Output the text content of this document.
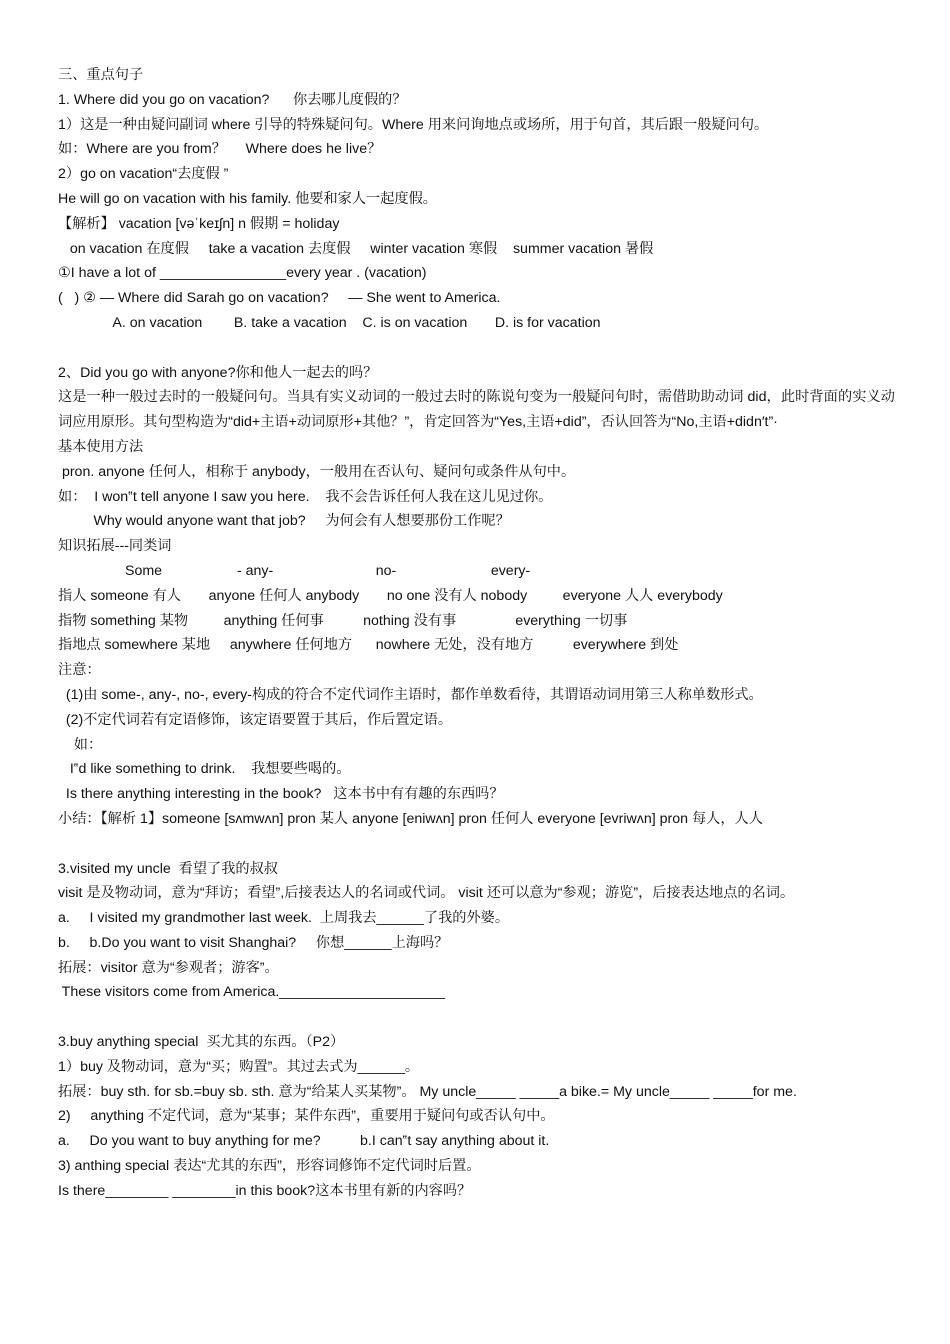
三、重点句子
1. Where did you go on vacation?      你去哪儿度假的？
1）这是一种由疑问副词 where 引导的特殊疑问句。Where 用来问询地点或场所，用于句首，其后跟一般疑问句。
如：Where are you from？     Where does he live？
2）go on vacation“去度假 ”
He will go on vacation with his family. 他要和家人一起度假。
【解析】 vacation [vəˈkeɪʃn] n 假期 = holiday
on vacation 在度假     take a vacation 去度假     winter vacation 寒假    summer vacation 暑假
①I have a lot of ________________every year . (vacation)
(   ) ② — Where did Sarah go on vacation?     — She went to America.
A. on vacation        B. take a vacation    C. is on vacation       D. is for vacation
2、Did you go with anyone?你和他人一起去的吗？
这是一种一般过去时的一般疑问句。当具有实义动词的一般过去时的陈说句变为一般疑问句时，需借助助动词 did，此时背面的实义动词应用原形。其句型构造为“did+主语+动词原形+其他？”，肯定回答为“Yes,主语+did”，否认回答为“No,主语+didn′t”·
基本使用方法
pron. anyone 任何人，相称于 anybody，一般用在否认句、疑问句或条件从句中。
如：  I won‟t tell anyone I saw you here.    我不会告诉任何人我在这儿见过你。
Why would anyone want that job?     为何会有人想要那份工作呢？
知识拓展---同类词
Some                   - any-                          no-                        every-
指人 someone 有人       anyone 任何人 anybody       no one 没有人 nobody         everyone 人人 everybody
指物 something 某物         anything 任何事          nothing 没有事               everything 一切事
指地点 somewhere 某地     anywhere 任何地方      nowhere 无处，没有地方          everywhere 到处
注意：
(1)由 some-, any-, no-, every-构成的符合不定代词作主语时，都作单数看待，其谓语动词用第三人称单数形式。
(2)不定代词若有定语修饰，该定语要置于其后，作后置定语。
如：
I‟d like something to drink.    我想要些喝的。
Is there anything interesting in the book?   这本书中有有趣的东西吗？
小结：【解析 1】someone [sʌmwʌn] pron 某人 anyone [eniwʌn] pron 任何人 everyone [evriwʌn] pron 每人，人人
3.visited my uncle  看望了我的叔叔
visit 是及物动词，意为“拜访；看望”,后接表达人的名词或代词。 visit 还可以意为“参观；游览”，后接表达地点的名词。
a.     I visited my grandmother last week.  上周我去______了我的外婆。
b.     b.Do you want to visit Shanghai?     你想______上海吗？
拓展：visitor 意为“参观者；游客”。
These visitors come from America._____________________
3.buy anything special  买尤其的东西。（P2）
1）buy 及物动词，意为“买；购置”。其过去式为______。
拓展：buy sth. for sb.=buy sb. sth. 意为“给某人买某物”。 My uncle_____ _____a bike.= My uncle_____ _____for me.
2)     anything 不定代词，意为“某事；某件东西”，重要用于疑问句或否认句中。
a.     Do you want to buy anything for me?          b.I can‟t say anything about it.
3) anthing special 表达“尤其的东西”，形容词修饰不定代词时后置。
Is there________ ________in this book?这本书里有新的内容吗？
